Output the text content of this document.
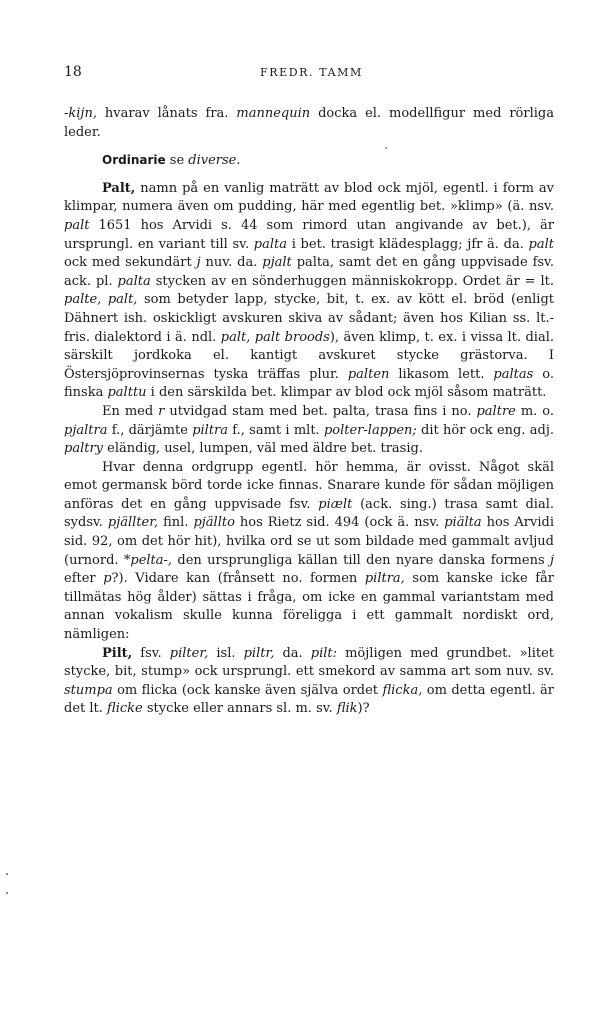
18	FREDR. TAMM

-kijn, hvarav lånats fra. mannequin docka el. modellfigur med rörliga leder.

Ordinarie se diverse.

Palt, namn på en vanlig maträtt av blod ock mjöl, egentl. i form av klimpar, numera även om pudding, här med egentlig bet. »klimp» (ä. nsv. palt 1651 hos Arvidi s. 44 som rimord utan angivande av bet.), är ursprungl. en variant till sv. palta i bet. trasigt klädesplagg; jfr ä. da. palt ock med sekundärt j nuv. da. pjalt palta, samt det en gång uppvisade fsv. ack. pl. palta stycken av en sönderhuggen människokropp. Ordet är = lt. palte, palt, som betyder lapp, stycke, bit, t. ex. av kött el. bröd (enligt Dähnert ish. oskickligt avskuren skiva av sådant; även hos Kilian ss. lt.-fris. dialektord i ä. ndl. palt, palt broods), även klimp, t. ex. i vissa lt. dial. särskilt jordkoka el. kantigt avskuret stycke grästorva. I Östersjöprovinsernas tyska träffas plur. palten likasom lett. paltas o. finska palttu i den särskilda bet. klimpar av blod ock mjöl såsom maträtt.

En med r utvidgad stam med bet. palta, trasa fins i no. paltre m. o. pjaltra f., därjämte piltra f., samt i mlt. polter-lappen; dit hör ock eng. adj. paltry eländig, usel, lumpen, väl med äldre bet. trasig.

Hvar denna ordgrupp egentl. hör hemma, är ovisst. Något skäl emot germansk börd torde icke finnas. Snarare kunde för sådan möjligen anföras det en gång uppvisade fsv. piælt (ack. sing.) trasa samt dial. sydsv. pjällter, finl. pjällto hos Rietz sid. 494 (ock ä. nsv. piälta hos Arvidi sid. 92, om det hör hit), hvilka ord se ut som bildade med gammalt avljud (urnord. *pelta-, den ursprungliga källan till den nyare danska formens j efter p?). Vidare kan (frånsett no. formen piltra, som kanske icke får tillmätas hög ålder) sättas i fråga, om icke en gammal variantstam med annan vokalism skulle kunna föreligga i ett gammalt nordiskt ord, nämligen:

Pilt, fsv. pilter, isl. piltr, da. pilt: möjligen med grundbet. »litet stycke, bit, stump» ock ursprungl. ett smekord av samma art som nuv. sv. stumpa om flicka (ock kanske även själva ordet flicka, om detta egentl. är det lt. flicke stycke eller annars sl. m. sv. flik)?
